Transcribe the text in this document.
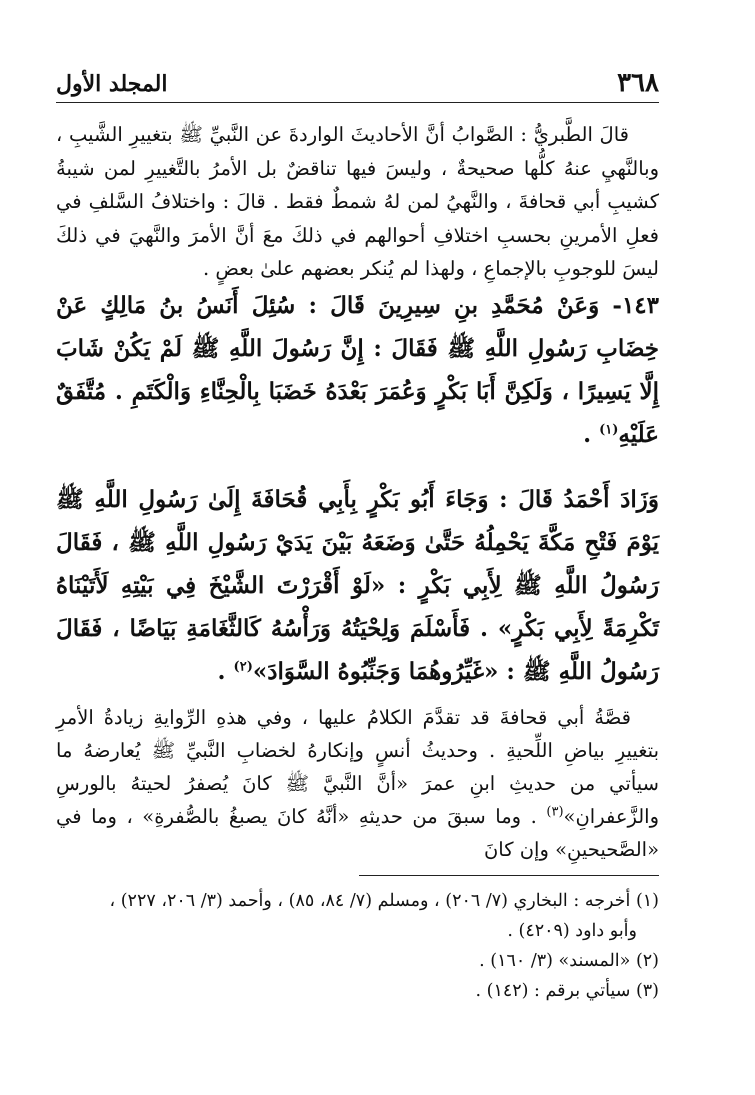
٣٦٨
المجلد الأول
قالَ الطَّبريُّ : الصَّوابُ أنَّ الأحاديثَ الواردةَ عن النَّبيِّ ﷺ بتغييرِ الشَّيبِ ، وبالنَّهيِ عنهُ كلُّها صحيحةٌ ، وليسَ فيها تناقضٌ بل الأمرُ بالتَّغييرِ لمن شيبةُ كشيبِ أبي قحافةَ ، والنَّهيُ لمن لهُ شمطٌ فقط . قالَ : واختلافُ السَّلفِ في فعلِ الأمرينِ بحسبِ اختلافِ أحوالهم في ذلكَ معَ أنَّ الأمرَ والنَّهيَ في ذلكَ ليسَ للوجوبِ بالإجماعِ ، ولهذا لم يُنكر بعضهم علىٰ بعضٍ .
١٤٣- وَعَنْ مُحَمَّدِ بنِ سِيرِينَ قَالَ : سُئِلَ أَنَسُ بنُ مَالِكٍ عَنْ خِضَابِ رَسُولِ اللَّهِ ﷺ فَقَالَ : إِنَّ رَسُولَ اللَّهِ ﷺ لَمْ يَكُنْ شَابَ إِلَّا يَسِيرًا ، وَلَكِنَّ أَبَا بَكْرٍ وَعُمَرَ بَعْدَهُ خَضَبَا بِالْحِنَّاءِ وَالْكَتَمِ . مُتَّفَقٌ عَلَيْهِ$^{(١)}$ .
وَزَادَ أَحْمَدُ قَالَ : وَجَاءَ أَبُو بَكْرٍ بِأَبِي قُحَافَةَ إِلَىٰ رَسُولِ اللَّهِ ﷺ يَوْمَ فَتْحِ مَكَّةَ يَحْمِلُهُ حَتَّىٰ وَضَعَهُ بَيْنَ يَدَيْ رَسُولِ اللَّهِ ﷺ ، فَقَالَ رَسُولُ اللَّهِ ﷺ لِأَبِي بَكْرٍ : «لَوْ أَقْرَرْتَ الشَّيْخَ فِي بَيْتِهِ لَأَتَيْنَاهُ تَكْرِمَةً لِأَبِي بَكْرٍ» . فَأَسْلَمَ وَلِحْيَتُهُ وَرَأْسُهُ كَالثَّغَامَةِ بَيَاضًا ، فَقَالَ رَسُولُ اللَّهِ ﷺ : «غَيِّرُوهُمَا وَجَنِّبُوهُ السَّوَادَ»$^{(٢)}$ .
قصَّةُ أبي قحافةَ قد تقدَّمَ الكلامُ عليها ، وفي هذهِ الرِّوايةِ زيادةُ الأمرِ بتغييرِ بياضِ اللِّحيةِ . وحديثُ أنسٍ وإنكارهُ لخضابِ النَّبيِّ ﷺ يُعارضهُ ما سيأتي من حديثِ ابنِ عمرَ «أنَّ النَّبيَّ ﷺ كانَ يُصفرُ لحيتهُ بالورسِ والزَّعفرانِ»$^{(٣)}$ . وما سبقَ من حديثهِ «أنَّهُ كانَ يصبغُ بالصُّفرةِ» ، وما في «الصَّحيحينِ» وإن كانَ
(١) أخرجه : البخاري (٧/ ٢٠٦) ، ومسلم (٧/ ٨٤، ٨٥) ، وأحمد (٣/ ٢٠٦، ٢٢٧) ،
وأبو داود (٤٢٠٩) .
(٢) «المسند» (٣/ ١٦٠) .
(٣) سيأتي برقم : (١٤٢) .
